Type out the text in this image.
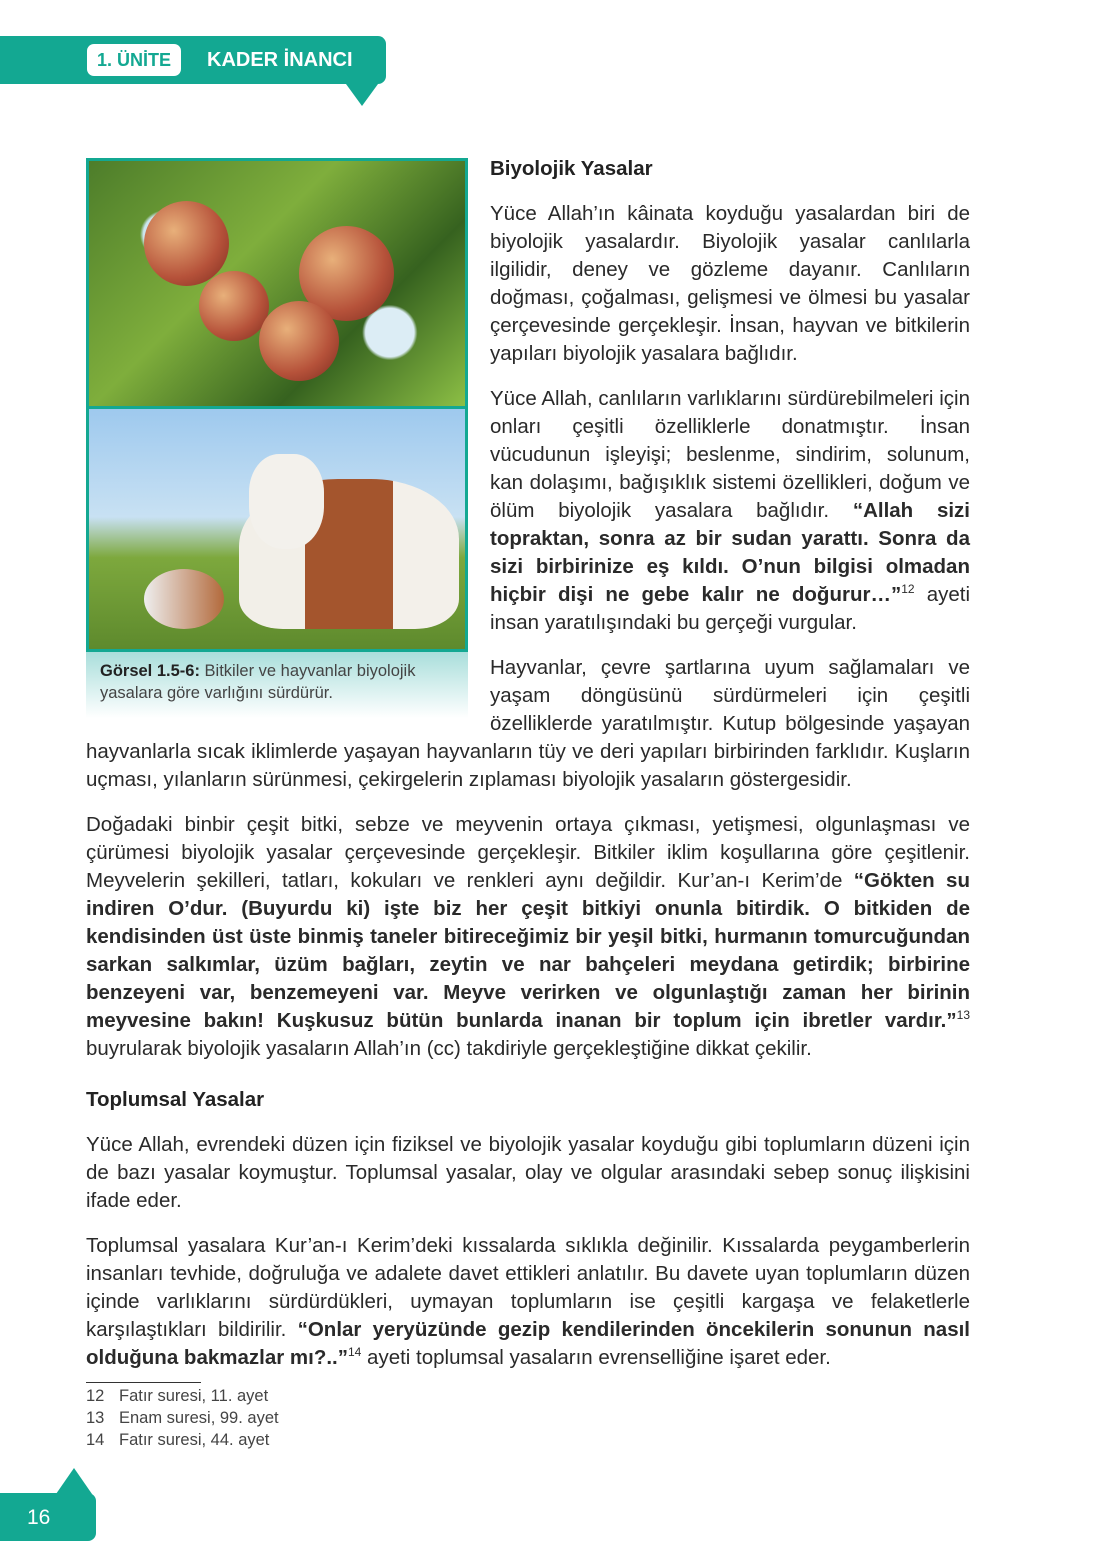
1. ÜNİTE	KADER İNANCI
Görsel 1.5-6: Bitkiler ve hayvanlar biyolojik yasalara göre varlığını sürdürür.
Biyolojik Yasalar

Yüce Allah’ın kâinata koyduğu yasalardan biri de biyolojik yasalardır. Biyolojik yasalar canlılarla ilgilidir, deney ve gözleme dayanır. Canlıların doğması, çoğalması, gelişmesi ve ölmesi bu yasalar çerçevesinde gerçekleşir. İnsan, hayvan ve bitkilerin yapıları biyolojik yasalara bağlıdır.

Yüce Allah, canlıların varlıklarını sürdürebilmeleri için onları çeşitli özelliklerle donatmıştır. İnsan vücudunun işleyişi; beslenme, sindirim, solunum, kan dolaşımı, bağışıklık sistemi özellikleri, doğum ve ölüm biyolojik yasalara bağlıdır. “Allah sizi topraktan, sonra az bir sudan yarattı. Sonra da sizi birbirinize eş kıldı. O’nun bilgisi olmadan hiçbir dişi ne gebe kalır ne doğurur…”$^{12}$ ayeti insan yaratılışındaki bu gerçeği vurgular.

Hayvanlar, çevre şartlarına uyum sağlamaları ve yaşam döngüsünü sürdürmeleri için çeşitli özelliklerde yaratılmıştır. Kutup bölgesinde yaşayan hayvanlarla sıcak iklimlerde yaşayan hayvanların tüy ve deri yapıları birbirinden farklıdır. Kuşların uçması, yılanların sürünmesi, çekirgelerin zıplaması biyolojik yasaların göstergesidir.

Doğadaki binbir çeşit bitki, sebze ve meyvenin ortaya çıkması, yetişmesi, olgunlaşması ve çürümesi biyolojik yasalar çerçevesinde gerçekleşir. Bitkiler iklim koşullarına göre çeşitlenir. Meyvelerin şekilleri, tatları, kokuları ve renkleri aynı değildir. Kur’an-ı Kerim’de “Gökten su indiren O’dur. (Buyurdu ki) işte biz her çeşit bitkiyi onunla bitirdik. O bitkiden de kendisinden üst üste binmiş taneler bitireceğimiz bir yeşil bitki, hurmanın tomurcuğundan sarkan salkımlar, üzüm bağları, zeytin ve nar bahçeleri meydana getirdik; birbirine benzeyeni var, benzemeyeni var. Meyve verirken ve olgunlaştığı zaman her birinin meyvesine bakın! Kuşkusuz bütün bunlarda inanan bir toplum için ibretler vardır.”$^{13}$ buyrularak biyolojik yasaların Allah’ın (cc) takdiriyle gerçekleştiğine dikkat çekilir.

Toplumsal Yasalar

Yüce Allah, evrendeki düzen için fiziksel ve biyolojik yasalar koyduğu gibi toplumların düzeni için de bazı yasalar koymuştur. Toplumsal yasalar, olay ve olgular arasındaki sebep sonuç ilişkisini ifade eder.

Toplumsal yasalara Kur’an-ı Kerim’deki kıssalarda sıklıkla değinilir. Kıssalarda peygamberlerin insanları tevhide, doğruluğa ve adalete davet ettikleri anlatılır. Bu davete uyan toplumların düzen içinde varlıklarını sürdürdükleri, uymayan toplumların ise çeşitli kargaşa ve felaketlerle karşılaştıkları bildirilir. “Onlar yeryüzünde gezip kendilerinden öncekilerin sonunun nasıl olduğuna bakmazlar mı?..”$^{14}$ ayeti toplumsal yasaların evrenselliğine işaret eder.

12 Fatır suresi, 11. ayet
13 Enam suresi, 99. ayet
14 Fatır suresi, 44. ayet
16
